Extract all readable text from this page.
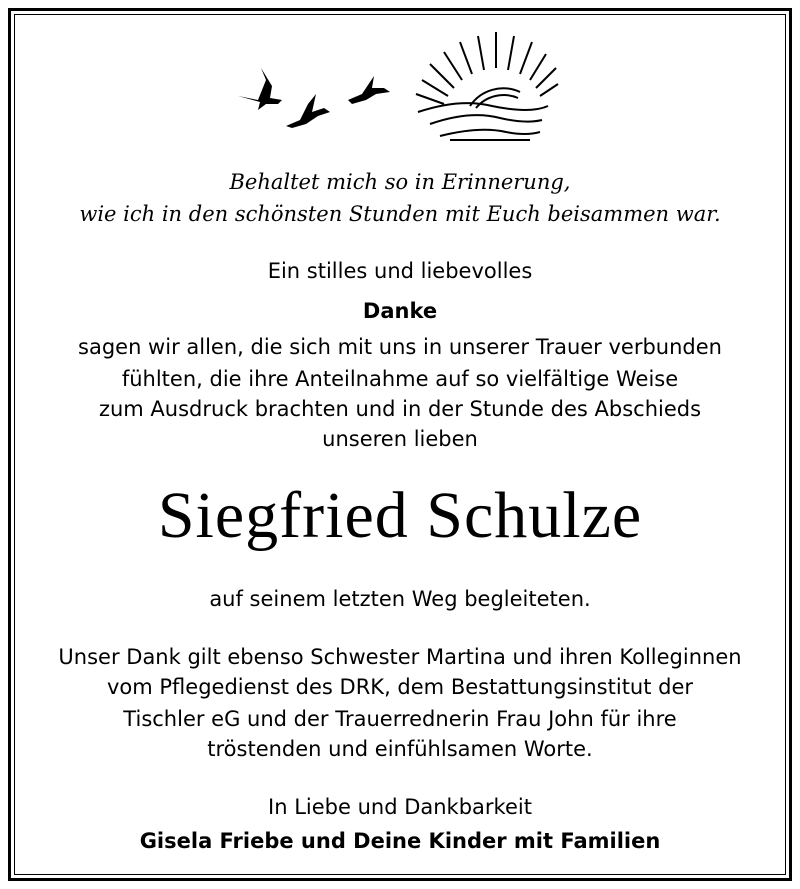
Behaltet mich so in Erinnerung,
wie ich in den schönsten Stunden mit Euch beisammen war.
Ein stilles und liebevolles
Danke
sagen wir allen, die sich mit uns in unserer Trauer verbunden
fühlten, die ihre Anteilnahme auf so vielfältige Weise
zum Ausdruck brachten und in der Stunde des Abschieds
unseren lieben
Siegfried Schulze
auf seinem letzten Weg begleiteten.
Unser Dank gilt ebenso Schwester Martina und ihren Kolleginnen
vom Pflegedienst des DRK, dem Bestattungsinstitut der
Tischler eG und der Trauerrednerin Frau John für ihre
tröstenden und einfühlsamen Worte.
In Liebe und Dankbarkeit
Gisela Friebe und Deine Kinder mit Familien
